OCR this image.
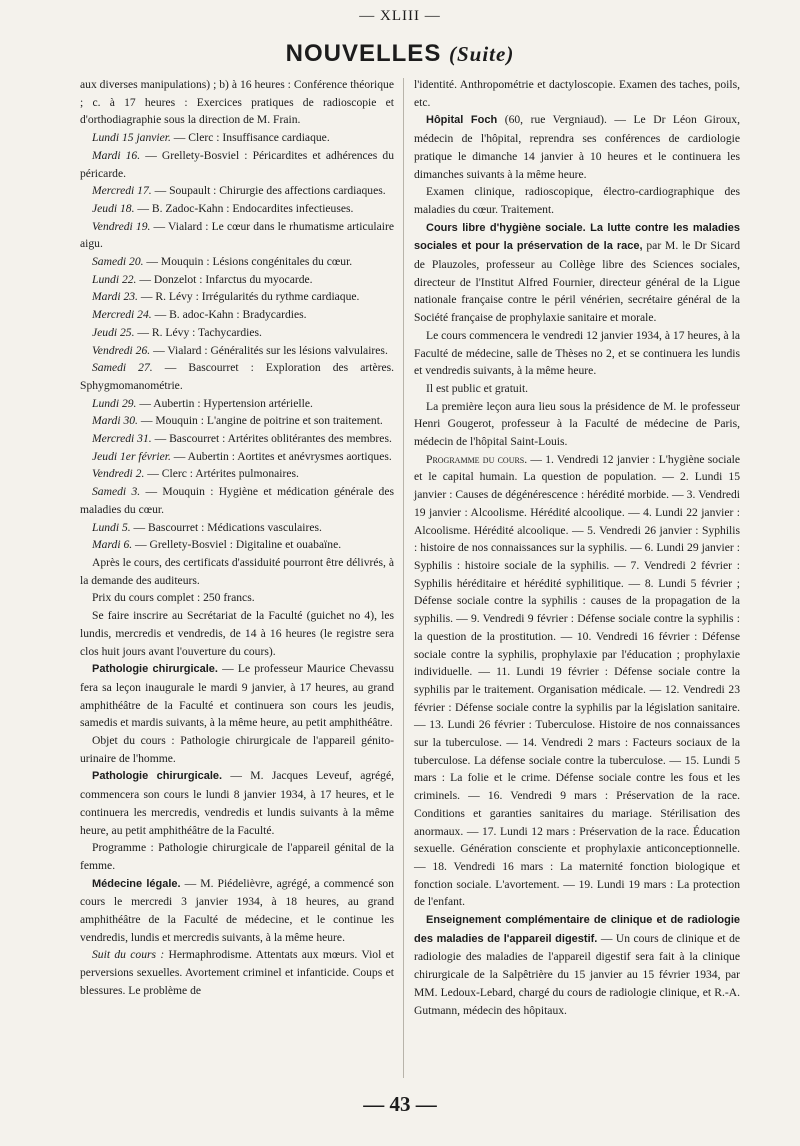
— XLIII —
NOUVELLES (Suite)

aux diverses manipulations) ; b) à 16 heures : Conférence théorique ; c. à 17 heures : Exercices pratiques de radioscopie et d'orthodiagraphie sous la direction de M. Frain.

Lundi 15 janvier. — Clerc : Insuffisance cardiaque.

Mardi 16. — Grellety-Bosviel : Péricardites et adhérences du péricarde.

Mercredi 17. — Soupault : Chirurgie des affections cardiaques.

Jeudi 18. — B. Zadoc-Kahn : Endocardites infectieuses.

Vendredi 19. — Vialard : Le cœur dans le rhumatisme articulaire aigu.

Samedi 20. — Mouquin : Lésions congénitales du cœur.

Lundi 22. — Donzelot : Infarctus du myocarde.

Mardi 23. — R. Lévy : Irrégularités du rythme cardiaque.

Mercredi 24. — B. adoc-Kahn : Bradycardies.

Jeudi 25. — R. Lévy : Tachycardies.

Vendredi 26. — Vialard : Généralités sur les lésions valvulaires.

Samedi 27. — Bascourret : Exploration des artères. Sphygmomanométrie.

Lundi 29. — Aubertin : Hypertension artérielle.

Mardi 30. — Mouquin : L'angine de poitrine et son traitement.

Mercredi 31. — Bascourret : Artérites oblitérantes des membres.

Jeudi 1er février. — Aubertin : Aortites et anévrysmes aortiques.

Vendredi 2. — Clerc : Artérites pulmonaires.

Samedi 3. — Mouquin : Hygiène et médication générale des maladies du cœur.

Lundi 5. — Bascourret : Médications vasculaires.

Mardi 6. — Grellety-Bosviel : Digitaline et ouabaïne.

Après le cours, des certificats d'assiduité pourront être délivrés, à la demande des auditeurs.

Prix du cours complet : 250 francs.

Se faire inscrire au Secrétariat de la Faculté (guichet no 4), les lundis, mercredis et vendredis, de 14 à 16 heures (le registre sera clos huit jours avant l'ouverture du cours).

Pathologie chirurgicale. — Le professeur Maurice Chevassu fera sa leçon inaugurale le mardi 9 janvier, à 17 heures, au grand amphithéâtre de la Faculté et continuera son cours les jeudis, samedis et mardis suivants, à la même heure, au petit amphithéâtre.

Objet du cours : Pathologie chirurgicale de l'appareil génito-urinaire de l'homme.

Pathologie chirurgicale. — M. Jacques Leveuf, agrégé, commencera son cours le lundi 8 janvier 1934, à 17 heures, et le continuera les mercredis, vendredis et lundis suivants à la même heure, au petit amphithéâtre de la Faculté.

Programme : Pathologie chirurgicale de l'appareil génital de la femme.

Médecine légale. — M. Piédelièvre, agrégé, a commencé son cours le mercredi 3 janvier 1934, à 18 heures, au grand amphithéâtre de la Faculté de médecine, et le continue les vendredis, lundis et mercredis suivants, à la même heure.

Suit du cours : Hermaphrodisme. Attentats aux mœurs. Viol et perversions sexuelles. Avortement criminel et infanticide. Coups et blessures. Le problème de

l'identité. Anthropométrie et dactyloscopie. Examen des taches, poils, etc.

Hôpital Foch (60, rue Vergniaud). — Le Dr Léon Giroux, médecin de l'hôpital, reprendra ses conférences de cardiologie pratique le dimanche 14 janvier à 10 heures et le continuera les dimanches suivants à la même heure.

Examen clinique, radioscopique, électro-cardiographique des maladies du cœur. Traitement.

Cours libre d'hygiène sociale. La lutte contre les maladies sociales et pour la préservation de la race, par M. le Dr Sicard de Plauzoles, professeur au Collège libre des Sciences sociales, directeur de l'Institut Alfred Fournier, directeur général de la Ligue nationale française contre le péril vénérien, secrétaire général de la Société française de prophylaxie sanitaire et morale.

Le cours commencera le vendredi 12 janvier 1934, à 17 heures, à la Faculté de médecine, salle de Thèses no 2, et se continuera les lundis et vendredis suivants, à la même heure.

Il est public et gratuit.

La première leçon aura lieu sous la présidence de M. le professeur Henri Gougerot, professeur à la Faculté de médecine de Paris, médecin de l'hôpital Saint-Louis.

Programme du cours. — 1. Vendredi 12 janvier : L'hygiène sociale et le capital humain. La question de population. — 2. Lundi 15 janvier : Causes de dégénérescence : hérédité morbide. — 3. Vendredi 19 janvier : Alcoolisme. Hérédité alcoolique. — 4. Lundi 22 janvier : Alcoolisme. Hérédité alcoolique. — 5. Vendredi 26 janvier : Syphilis : histoire de nos connaissances sur la syphilis. — 6. Lundi 29 janvier : Syphilis : histoire sociale de la syphilis. — 7. Vendredi 2 février : Syphilis héréditaire et hérédité syphilitique. — 8. Lundi 5 février ; Défense sociale contre la syphilis : causes de la propagation de la syphilis. — 9. Vendredi 9 février : Défense sociale contre la syphilis : la question de la prostitution. — 10. Vendredi 16 février : Défense sociale contre la syphilis, prophylaxie par l'éducation ; prophylaxie individuelle. — 11. Lundi 19 février : Défense sociale contre la syphilis par le traitement. Organisation médicale. — 12. Vendredi 23 février : Défense sociale contre la syphilis par la législation sanitaire. — 13. Lundi 26 février : Tuberculose. Histoire de nos connaissances sur la tuberculose. — 14. Vendredi 2 mars : Facteurs sociaux de la tuberculose. La défense sociale contre la tuberculose. — 15. Lundi 5 mars : La folie et le crime. Défense sociale contre les fous et les criminels. — 16. Vendredi 9 mars : Préservation de la race. Conditions et garanties sanitaires du mariage. Stérilisation des anormaux. — 17. Lundi 12 mars : Préservation de la race. Éducation sexuelle. Génération consciente et prophylaxie anticonceptionnelle. — 18. Vendredi 16 mars : La maternité fonction biologique et fonction sociale. L'avortement. — 19. Lundi 19 mars : La protection de l'enfant.

Enseignement complémentaire de clinique et de radiologie des maladies de l'appareil digestif. — Un cours de clinique et de radiologie des maladies de l'appareil digestif sera fait à la clinique chirurgicale de la Salpêtrière du 15 janvier au 15 février 1934, par MM. Ledoux-Lebard, chargé du cours de radiologie clinique, et R.-A. Gutmann, médecin des hôpitaux.

— 43 —
